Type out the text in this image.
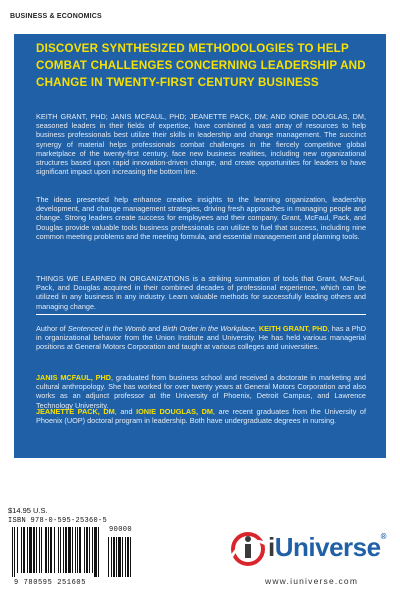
BUSINESS & ECONOMICS
DISCOVER SYNTHESIZED METHODOLOGIES TO HELP COMBAT CHALLENGES CONCERNING LEADERSHIP AND CHANGE IN TWENTY-FIRST CENTURY BUSINESS
KEITH GRANT, PHD; JANIS MCFAUL, PHD; JEANETTE PACK, DM; AND IONIE DOUGLAS, DM, seasoned leaders in their fields of expertise, have combined a vast array of resources to help business professionals best utilize their skills in leadership and change management. The succinct synergy of material helps professionals combat challenges in the fiercely competitive global marketplace of the twenty-first century, face new business realities, including new organizational structures based upon rapid innovation-driven change, and create opportunities for leaders to have significant impact upon increasing the bottom line.
The ideas presented help enhance creative insights to the learning organization, leadership development, and change management strategies, driving fresh approaches in managing people and change. Strong leaders create success for employees and their company. Grant, McFaul, Pack, and Douglas provide valuable tools business professionals can utilize to fuel that success, including nine common meeting problems and the meeting formula, and essential management and planning tools.
THINGS WE LEARNED IN ORGANIZATIONS is a striking summation of tools that Grant, McFaul, Pack, and Douglas acquired in their combined decades of professional experience, which can be utilized in any business in any industry. Learn valuable methods for successfully leading others and managing change.
Author of Sentenced in the Womb and Birth Order in the Workplace, KEITH GRANT, PHD, has a PhD in organizational behavior from the Union Institute and University. He has held various managerial positions at General Motors Corporation and taught at various colleges and universities.
JANIS MCFAUL, PHD, graduated from business school and received a doctorate in marketing and cultural anthropology. She has worked for over twenty years at General Motors Corporation and also works as an adjunct professor at the University of Phoenix, Detroit Campus, and Lawrence Technology University.
JEANETTE PACK, DM, and IONIE DOUGLAS, DM, are recent graduates from the University of Phoenix (UOP) doctoral program in leadership. Both have undergraduate degrees in nursing.
$14.95 U.S.
ISBN 978-0-595-25360-5
90000
9 780595 251605
iUniverse®
www.iuniverse.com
